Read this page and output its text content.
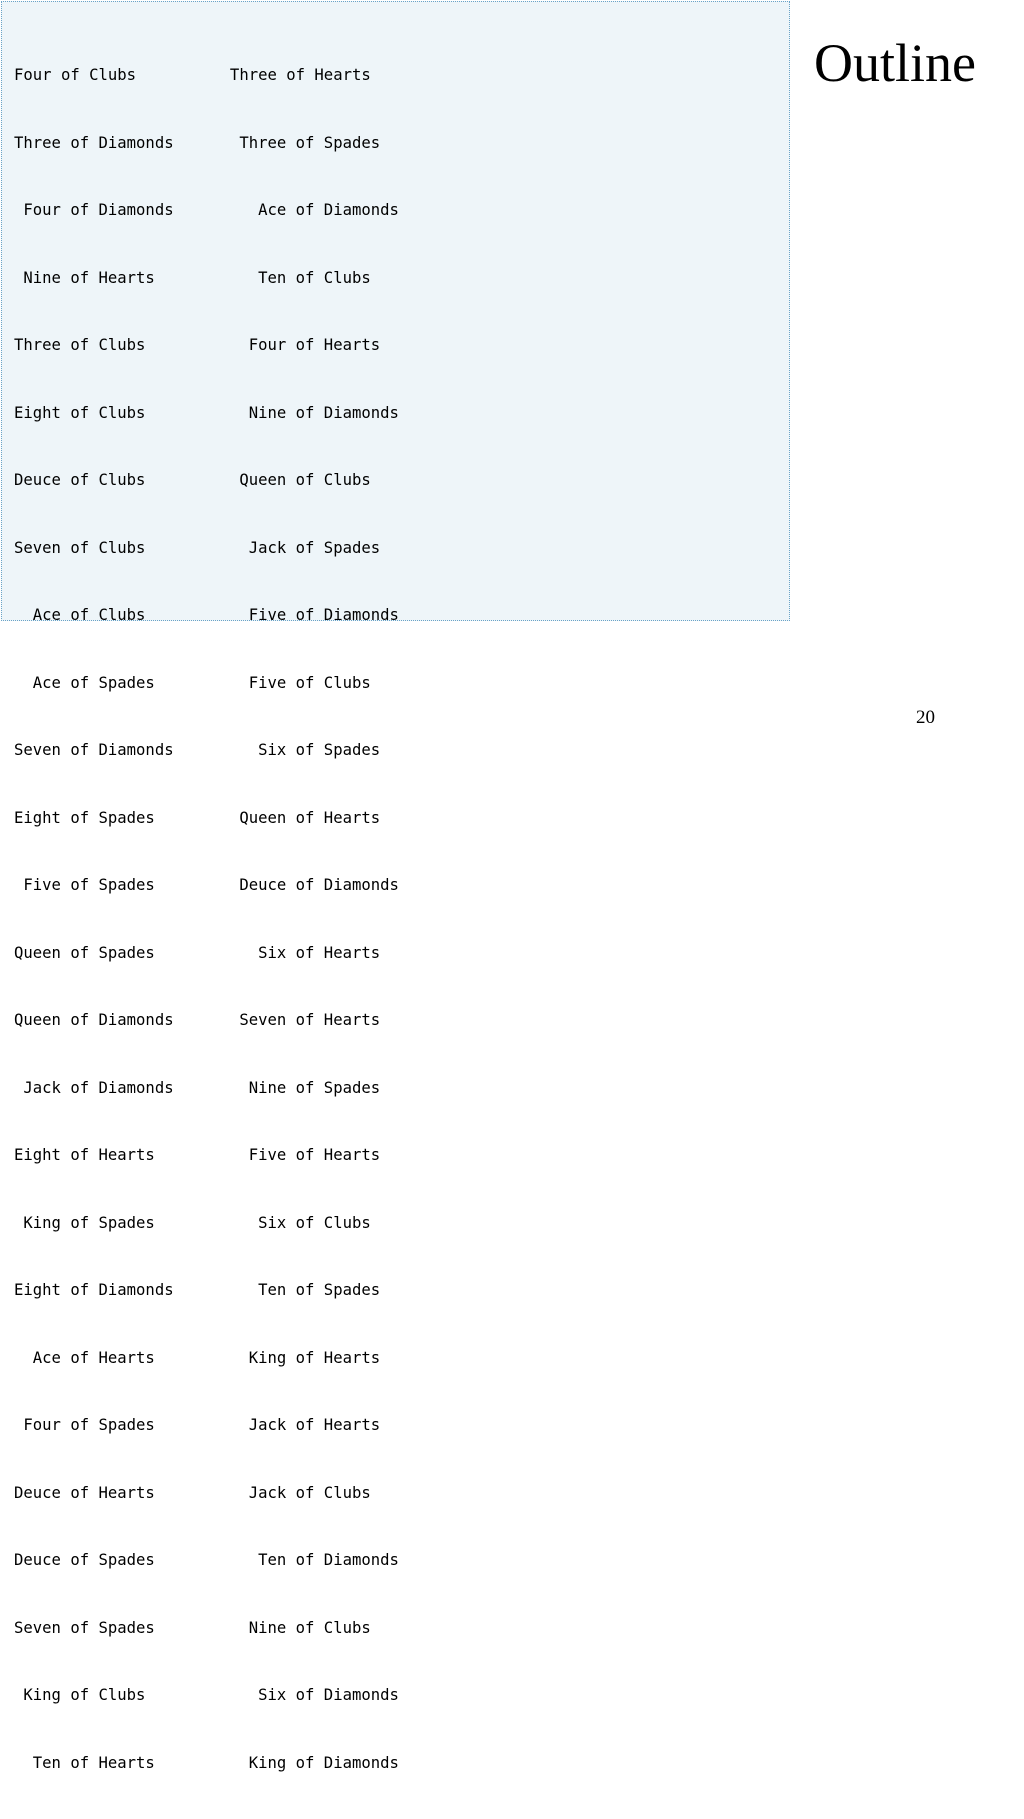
Four of Clubs          Three of Hearts

Three of Diamonds       Three of Spades

Four of Diamonds         Ace of Diamonds

Nine of Hearts           Ten of Clubs

Three of Clubs           Four of Hearts

Eight of Clubs           Nine of Diamonds

Deuce of Clubs          Queen of Clubs

Seven of Clubs           Jack of Spades

Ace of Clubs           Five of Diamonds

Ace of Spades          Five of Clubs

Seven of Diamonds         Six of Spades

Eight of Spades         Queen of Hearts

Five of Spades         Deuce of Diamonds

Queen of Spades           Six of Hearts

Queen of Diamonds       Seven of Hearts

Jack of Diamonds        Nine of Spades

Eight of Hearts          Five of Hearts

King of Spades           Six of Clubs

Eight of Diamonds         Ten of Spades

Ace of Hearts          King of Hearts

Four of Spades          Jack of Hearts

Deuce of Hearts          Jack of Clubs

Deuce of Spades           Ten of Diamonds

Seven of Spades          Nine of Clubs

King of Clubs            Six of Diamonds

Ten of Hearts          King of Diamonds

Outline
20
